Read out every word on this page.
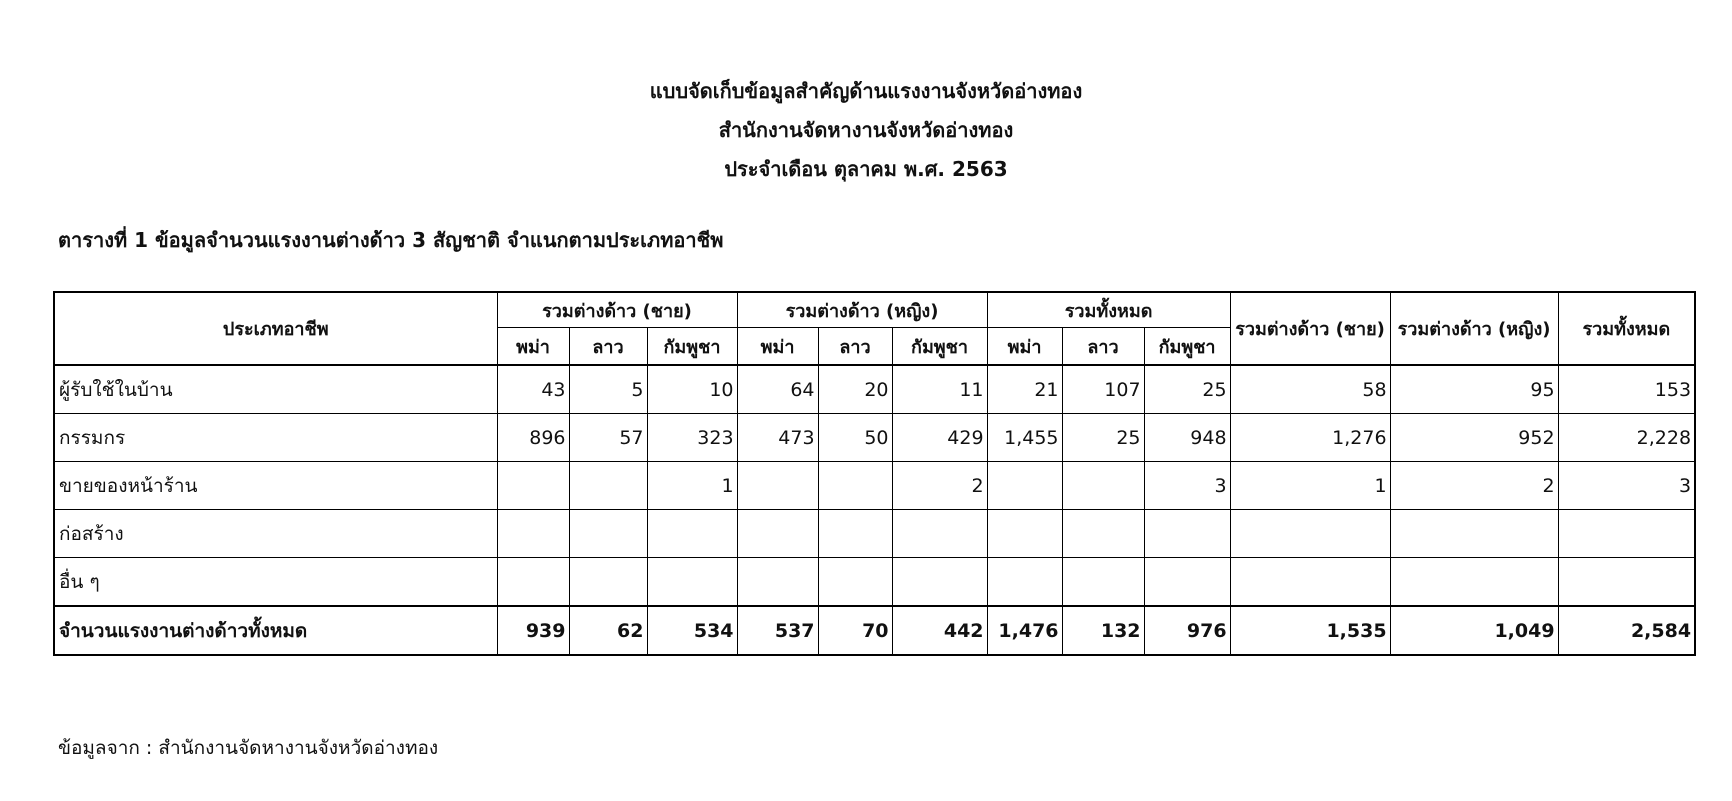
แบบจัดเก็บข้อมูลสำคัญด้านแรงงานจังหวัดอ่างทอง
สำนักงานจัดหางานจังหวัดอ่างทอง
ประจำเดือน ตุลาคม พ.ศ. 2563
ตารางที่ 1 ข้อมูลจำนวนแรงงานต่างด้าว 3 สัญชาติ จำแนกตามประเภทอาชีพ
ประเภทอาชีพ	รวมต่างด้าว (ชาย)			รวมต่างด้าว (หญิง)			รวมทั้งหมด			รวมต่างด้าว (ชาย)	รวมต่างด้าว (หญิง)	รวมทั้งหมด
	พม่า	ลาว	กัมพูชา	พม่า	ลาว	กัมพูชา	พม่า	ลาว	กัมพูชา			
ผู้รับใช้ในบ้าน	43	5	10	64	20	11	21	107	25	58	95	153
กรรมกร	896	57	323	473	50	429	1,455	25	948	1,276	952	2,228
ขายของหน้าร้าน			1			2			3	1	2	3
ก่อสร้าง												
อื่น ๆ												
จำนวนแรงงานต่างด้าวทั้งหมด	939	62	534	537	70	442	1,476	132	976	1,535	1,049	2,584
ข้อมูลจาก : สำนักงานจัดหางานจังหวัดอ่างทอง
